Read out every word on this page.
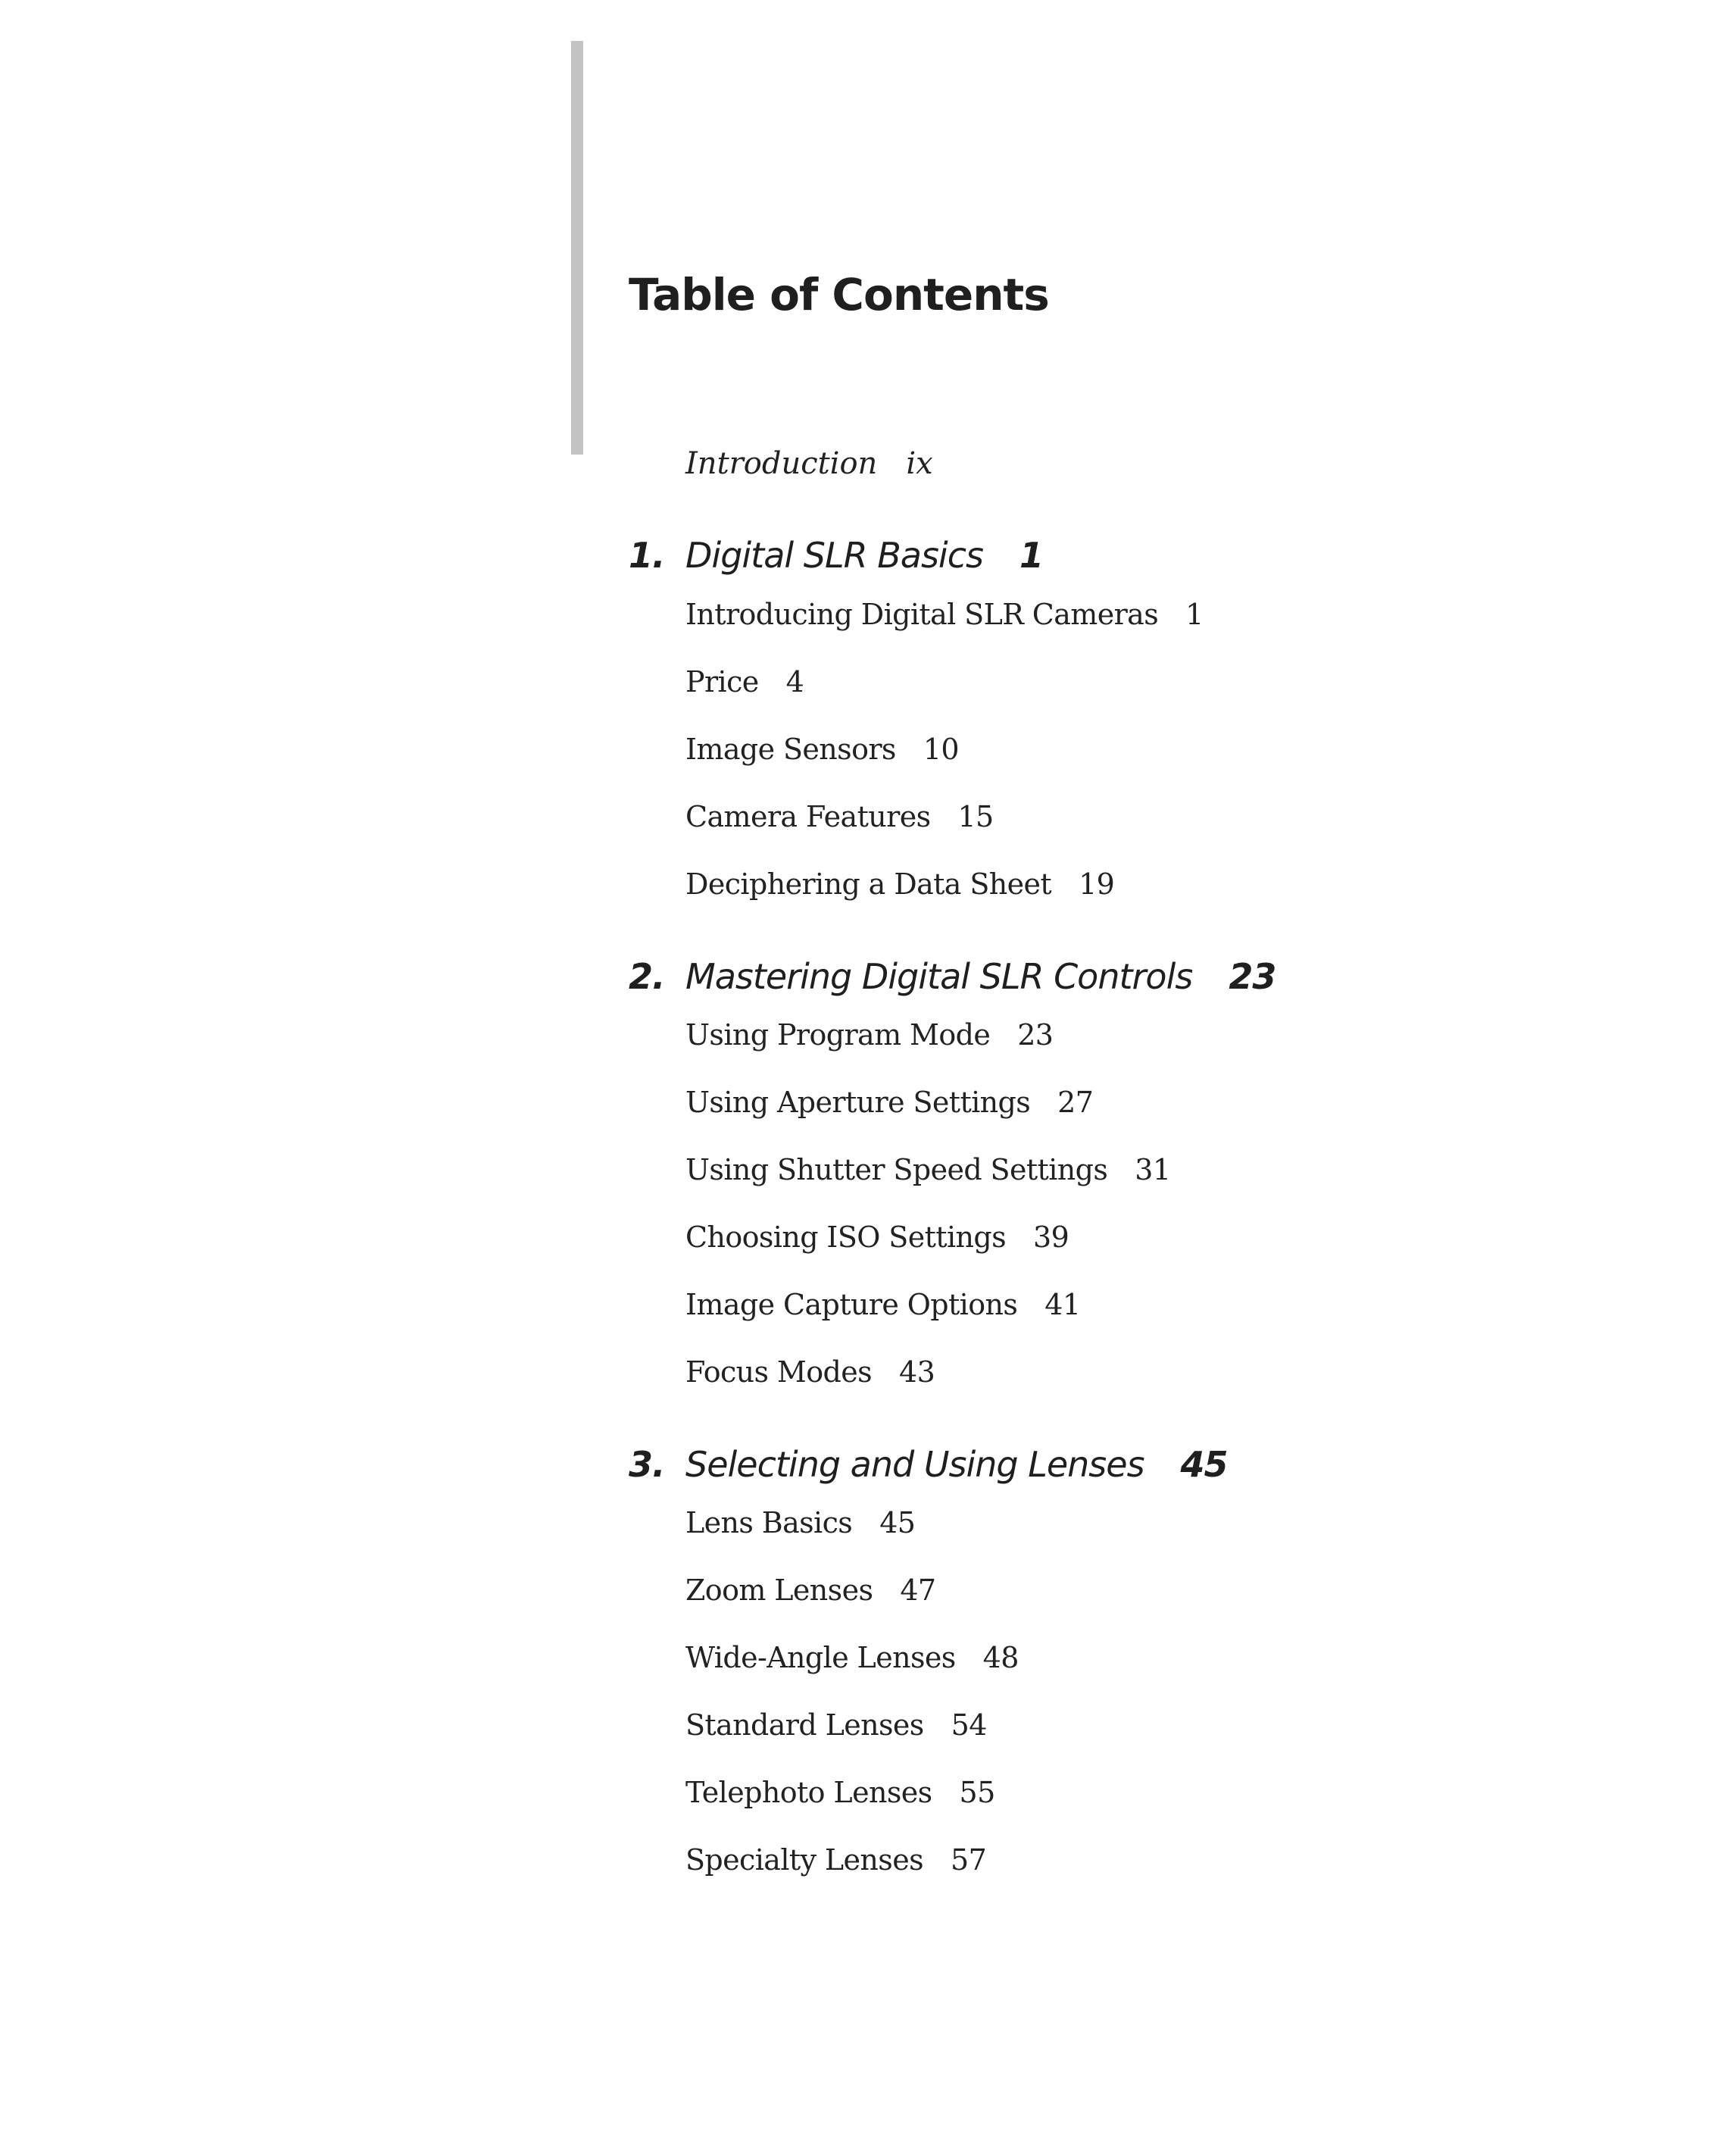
Table of Contents
Introduction ix
1. Digital SLR Basics 1
Introducing Digital SLR Cameras 1
Price 4
Image Sensors 10
Camera Features 15
Deciphering a Data Sheet 19
2. Mastering Digital SLR Controls 23
Using Program Mode 23
Using Aperture Settings 27
Using Shutter Speed Settings 31
Choosing ISO Settings 39
Image Capture Options 41
Focus Modes 43
3. Selecting and Using Lenses 45
Lens Basics 45
Zoom Lenses 47
Wide-Angle Lenses 48
Standard Lenses 54
Telephoto Lenses 55
Specialty Lenses 57
